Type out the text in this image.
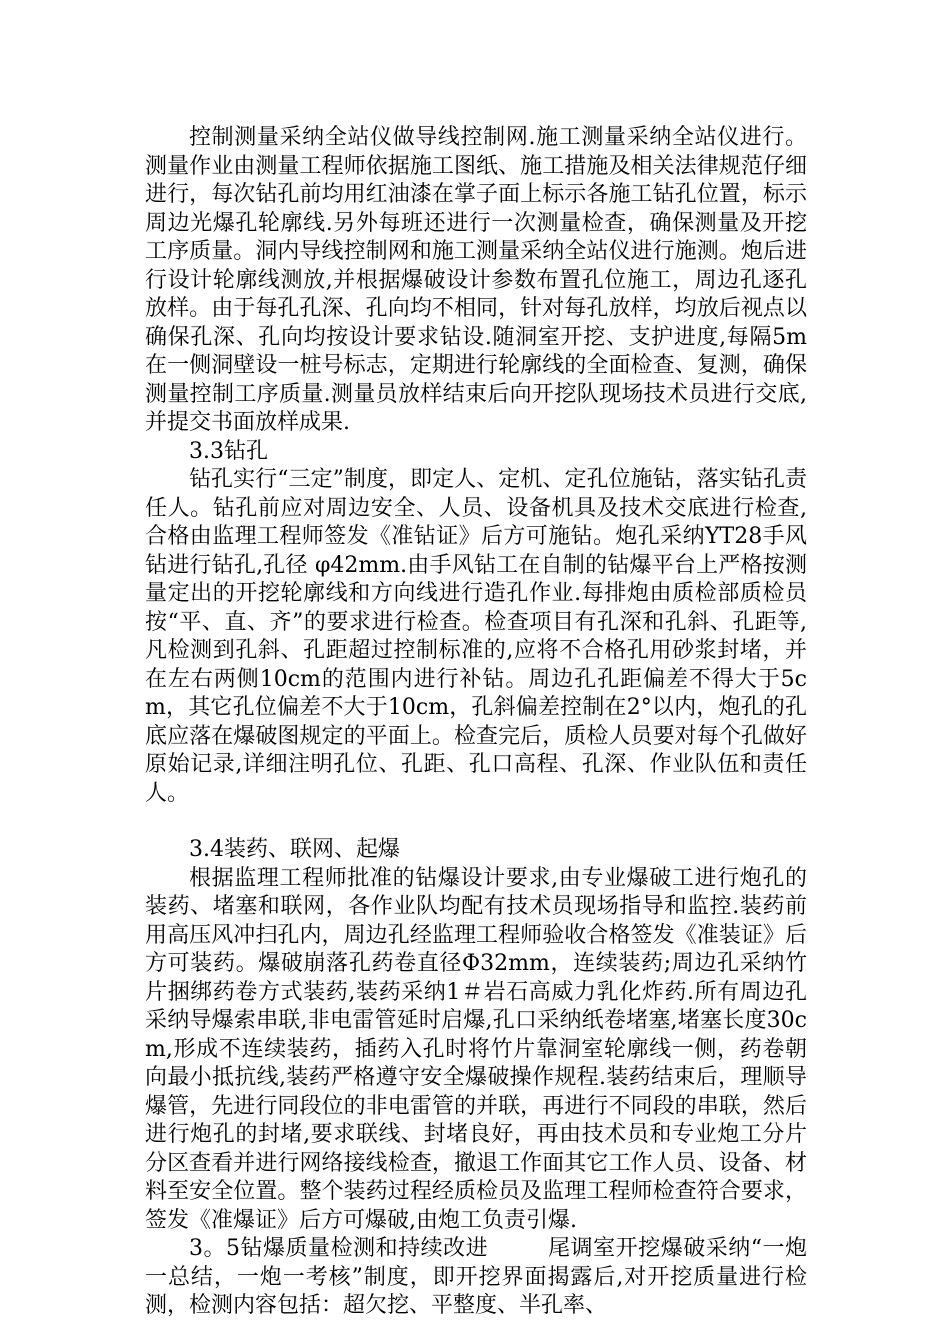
控制测量采纳全站仪做导线控制网.施工测量采纳全站仪进行。测量作业由测量工程师依据施工图纸、施工措施及相关法律规范仔细进行，每次钻孔前均用红油漆在掌子面上标示各施工钻孔位置，标示周边光爆孔轮廓线.另外每班还进行一次测量检查，确保测量及开挖工序质量。洞内导线控制网和施工测量采纳全站仪进行施测。炮后进行设计轮廓线测放,并根据爆破设计参数布置孔位施工，周边孔逐孔放样。由于每孔孔深、孔向均不相同，针对每孔放样，均放后视点以确保孔深、孔向均按设计要求钻设.随洞室开挖、支护进度,每隔5m在一侧洞壁设一桩号标志，定期进行轮廓线的全面检查、复测，确保测量控制工序质量.测量员放样结束后向开挖队现场技术员进行交底,并提交书面放样成果.

3.3钻孔

钻孔实行“三定”制度，即定人、定机、定孔位施钻，落实钻孔责任人。钻孔前应对周边安全、人员、设备机具及技术交底进行检查,合格由监理工程师签发《准钻证》后方可施钻。炮孔采纳YT28手风钻进行钻孔,孔径 φ42mm.由手风钻工在自制的钻爆平台上严格按测量定出的开挖轮廓线和方向线进行造孔作业.每排炮由质检部质检员按“平、直、齐”的要求进行检查。检查项目有孔深和孔斜、孔距等,凡检测到孔斜、孔距超过控制标准的,应将不合格孔用砂浆封堵，并在左右两侧10cm的范围内进行补钻。周边孔孔距偏差不得大于5cm，其它孔位偏差不大于10cm，孔斜偏差控制在2°以内，炮孔的孔底应落在爆破图规定的平面上。检查完后，质检人员要对每个孔做好原始记录,详细注明孔位、孔距、孔口高程、孔深、作业队伍和责任人。

3.4装药、联网、起爆

根据监理工程师批准的钻爆设计要求,由专业爆破工进行炮孔的装药、堵塞和联网，各作业队均配有技术员现场指导和监控.装药前用高压风冲扫孔内，周边孔经监理工程师验收合格签发《准装证》后方可装药。爆破崩落孔药卷直径Φ32mm，连续装药;周边孔采纳竹片捆绑药卷方式装药,装药采纳1＃岩石高威力乳化炸药.所有周边孔采纳导爆索串联,非电雷管延时启爆,孔口采纳纸卷堵塞,堵塞长度30cm,形成不连续装药，插药入孔时将竹片靠洞室轮廓线一侧，药卷朝向最小抵抗线,装药严格遵守安全爆破操作规程.装药结束后，理顺导爆管，先进行同段位的非电雷管的并联，再进行不同段的串联，然后进行炮孔的封堵,要求联线、封堵良好，再由技术员和专业炮工分片分区查看并进行网络接线检查，撤退工作面其它工作人员、设备、材料至安全位置。整个装药过程经质检员及监理工程师检查符合要求，签发《准爆证》后方可爆破,由炮工负责引爆.

3。5钻爆质量检测和持续改进	尾调室开挖爆破采纳“一炮一总结，一炮一考核”制度，即开挖界面揭露后,对开挖质量进行检测，检测内容包括：超欠挖、平整度、半孔率、
